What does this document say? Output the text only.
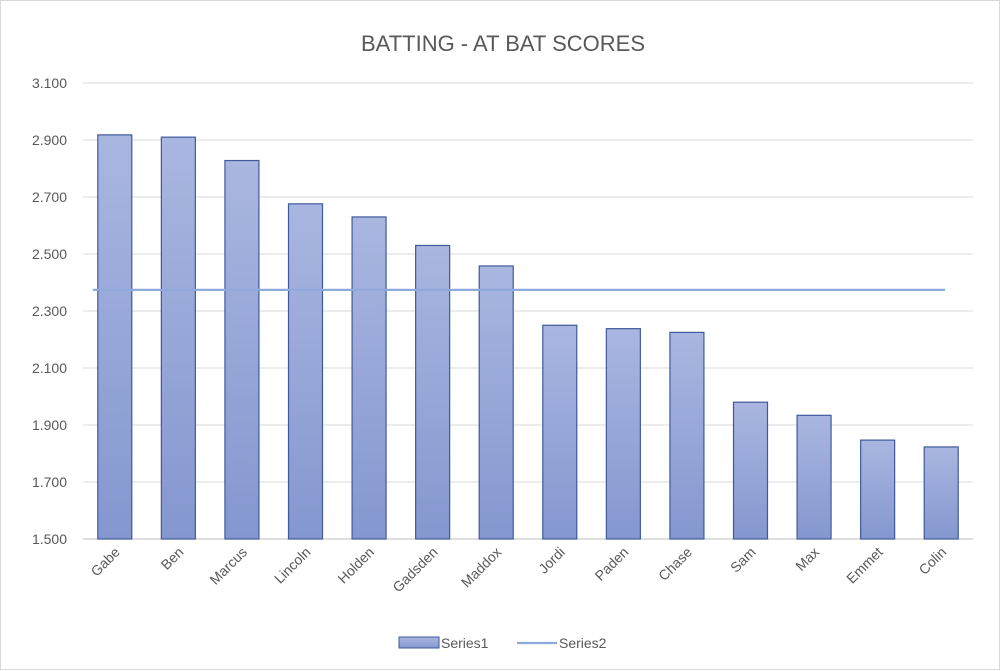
BATTING - AT BAT SCORES
1.500
1.700
1.900
2.100
2.300
2.500
2.700
2.900
3.100
Gabe Ben Marcus Lincoln Holden Gadsden Maddox Jordi Paden Chase Sam Max Emmet Colin
Series1	Series2
